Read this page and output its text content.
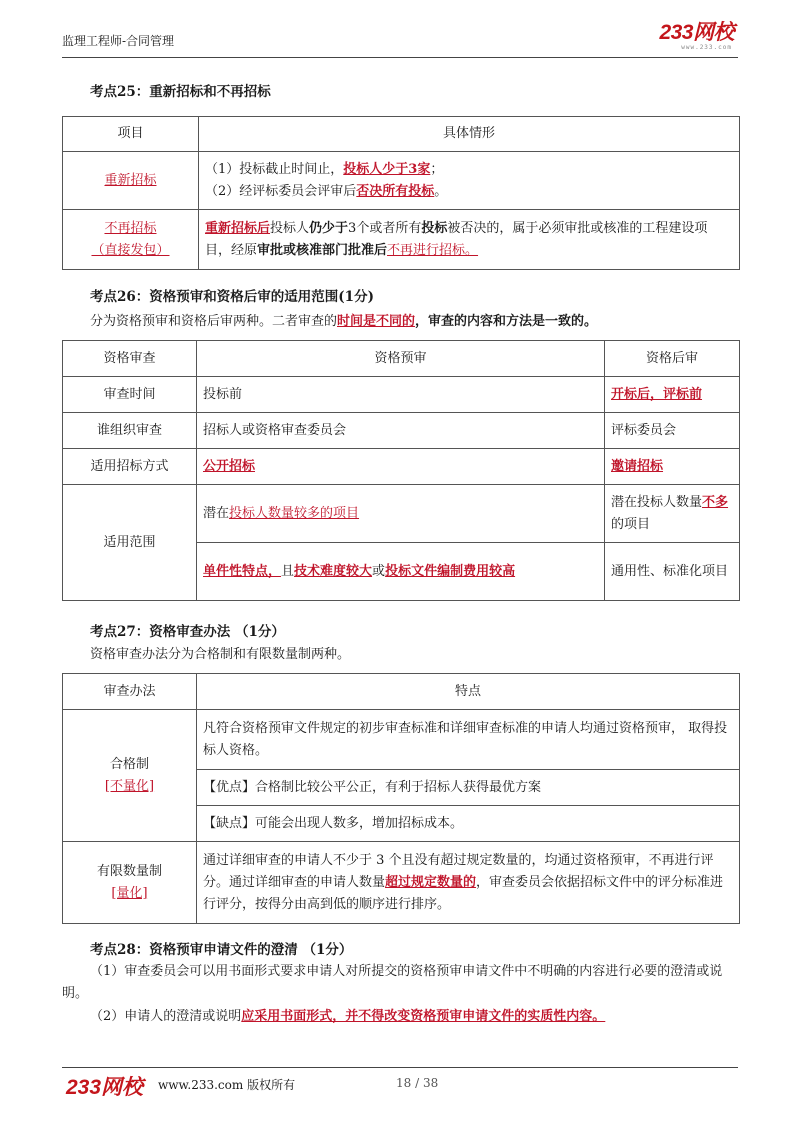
监理工程师-合同管理	233网校
www.233.com
考点25：重新招标和不再招标
项目	具体情形
重新招标	（1）投标截止时间止，投标人少于3家；
（2）经评标委员会评审后否决所有投标。

不再招标
（直接发包）	重新招标后投标人仍少于3个或者所有投标被否决的，属于必须审批或核准的工程建设项目，经原审批或核准部门批准后不再进行招标。
考点26：资格预审和资格后审的适用范围(1分)
分为资格预审和资格后审两种。二者审查的时间是不同的，审查的内容和方法是一致的。
资格审查	资格预审	资格后审
审查时间	投标前	开标后，评标前
谁组织审查	招标人或资格审查委员会	评标委员会
适用招标方式	公开招标	邀请招标
适用范围	潜在投标人数量较多的项目	潜在投标人数量不多的项目
	单件性特点，且技术难度较大或投标文件编制费用较高	通用性、标准化项目
考点27：资格审查办法 （1分）
资格审查办法分为合格制和有限数量制两种。
审查办法	特点

合格制
[不量化]	凡符合资格预审文件规定的初步审查标准和详细审查标准的申请人均通过资格预审， 取得投标人资格。
	【优点】合格制比较公平公正，有利于招标人获得最优方案
	【缺点】可能会出现人数多，增加招标成本。

有限数量制
[量化]	通过详细审查的申请人不少于 3 个且没有超过规定数量的，均通过资格预审，不再进行评分。通过详细审查的申请人数量超过规定数量的，审查委员会依据招标文件中的评分标准进行评分，按得分由高到低的顺序进行排序。
考点28：资格预审申请文件的澄清 （1分）
（1）审查委员会可以用书面形式要求申请人对所提交的资格预审申请文件中不明确的内容进行必要的澄清或说明。
（2）申请人的澄清或说明应采用书面形式，并不得改变资格预审申请文件的实质性内容。
233网校 www.233.com 版权所有	18 / 38
